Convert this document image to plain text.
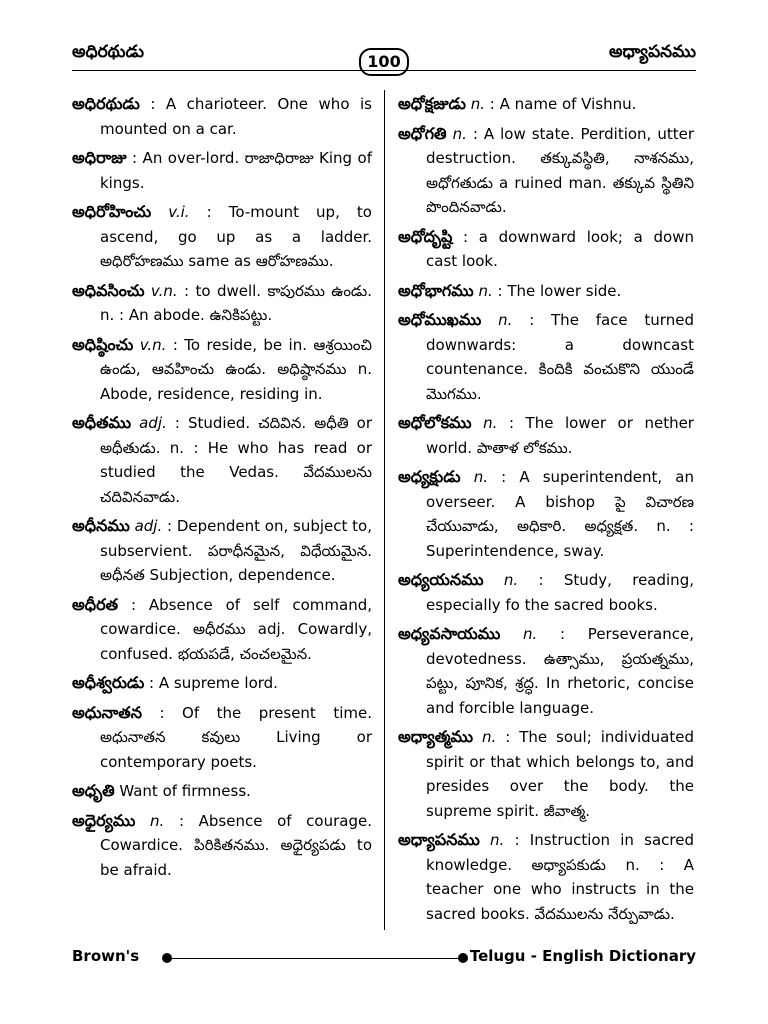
అధిరథుడు	100	అధ్యాపనము

అధిరథుడు : A charioteer. One who is mounted on a car.

అధిరాజు : An over-lord. రాజాధిరాజు King of kings.

అధిరోహించు v.i. : To-mount up, to ascend, go up as a ladder. అధిరోహణము same as ఆరోహణము.

అధివసించు v.n. : to dwell. కాపురము ఉండు. n. : An abode. ఉనికిపట్టు.

అధిష్ఠించు v.n. : To reside, be in. ఆశ్రయించి ఉండు, ఆవహించు ఉండు. అధిష్ఠానము n. Abode, residence, residing in.

అధీతము adj. : Studied. చదివిన. అధీతి or అధీతుడు. n. : He who has read or studied the Vedas. వేదములను చదివినవాడు.

అధీనము adj. : Dependent on, subject to, subservient. పరాధీనమైన, విధేయమైన. అధీనత Subjection, dependence.

అధీరత : Absence of self command, cowardice. అధీరము adj. Cowardly, confused. భయపడే, చంచలమైన.

అధీశ్వరుడు : A supreme lord.

అధునాతన : Of the present time. అధునాతన కవులు Living or contemporary poets.

అధృతి Want of firmness.

అధైర్యము n. : Absence of courage. Cowardice. పిరికితనము. అధైర్యపడు to be afraid.

అధోక్షజుడు n. : A name of Vishnu.

అధోగతి n. : A low state. Perdition, utter destruction. తక్కువస్థితి, నాశనము, అధోగతుడు a ruined man. తక్కువ స్థితిని పొందినవాడు.

అధోదృష్టి : a downward look; a down cast look.

అధోభాగము n. : The lower side.

అధోముఖము n. : The face turned downwards: a downcast countenance. కిందికి వంచుకొని యుండే మొగము.

అధోలోకము n. : The lower or nether world. పాతాళ లోకము.

అధ్యక్షుడు n. : A superintendent, an overseer. A bishop పై విచారణ చేయువాడు, అధికారి. అధ్యక్షత. n. : Superintendence, sway.

అధ్యయనము n. : Study, reading, especially fo the sacred books.

అధ్యవసాయము n. : Perseverance, devotedness. ఉత్సాము, ప్రయత్నము, పట్టు, పూనిక, శ్రద్ధ. In rhetoric, concise and forcible language.

అధ్యాత్మము n. : The soul; individuated spirit or that which belongs to, and presides over the body. the supreme spirit. జీవాత్మ.

అధ్యాపనము n. : Instruction in sacred knowledge. అధ్యాపకుడు n. : A teacher one who instructs in the sacred books. వేదములను నేర్పువాడు.

Brown's	Telugu - English Dictionary
